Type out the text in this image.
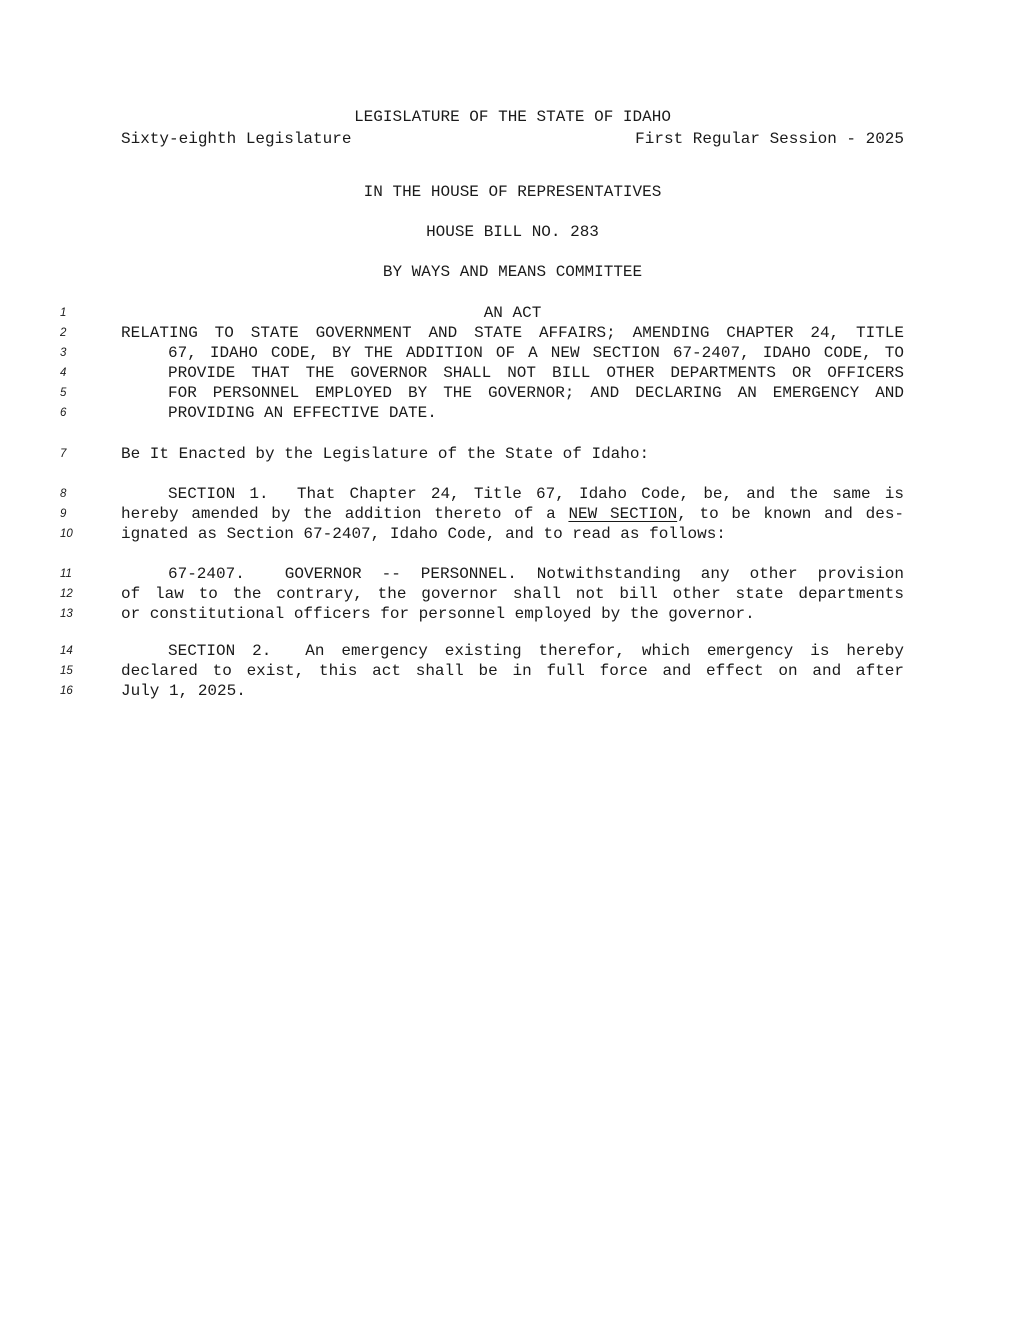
LEGISLATURE OF THE STATE OF IDAHO
Sixty-eighth Legislature	First Regular Session - 2025
IN THE HOUSE OF REPRESENTATIVES
HOUSE BILL NO. 283
BY WAYS AND MEANS COMMITTEE
1
2
3
4
5
6
7
8
9
10
11
12
13
14
15
16
AN ACT
RELATING TO STATE GOVERNMENT AND STATE AFFAIRS; AMENDING CHAPTER 24, TITLE
67, IDAHO CODE, BY THE ADDITION OF A NEW SECTION 67-2407, IDAHO CODE, TO
PROVIDE THAT THE GOVERNOR SHALL NOT BILL OTHER DEPARTMENTS OR OFFICERS
FOR PERSONNEL EMPLOYED BY THE GOVERNOR; AND DECLARING AN EMERGENCY AND
PROVIDING AN EFFECTIVE DATE.
Be It Enacted by the Legislature of the State of Idaho:
SECTION 1.  That Chapter 24, Title 67, Idaho Code, be, and the same is
hereby amended by the addition thereto of a NEW SECTION, to be known and des-
ignated as Section 67-2407, Idaho Code, and to read as follows:
67-2407.  GOVERNOR -- PERSONNEL. Notwithstanding any other provision
of law to the contrary, the governor shall not bill other state departments
or constitutional officers for personnel employed by the governor.
SECTION 2.  An emergency existing therefor, which emergency is hereby
declared to exist, this act shall be in full force and effect on and after
July 1, 2025.
